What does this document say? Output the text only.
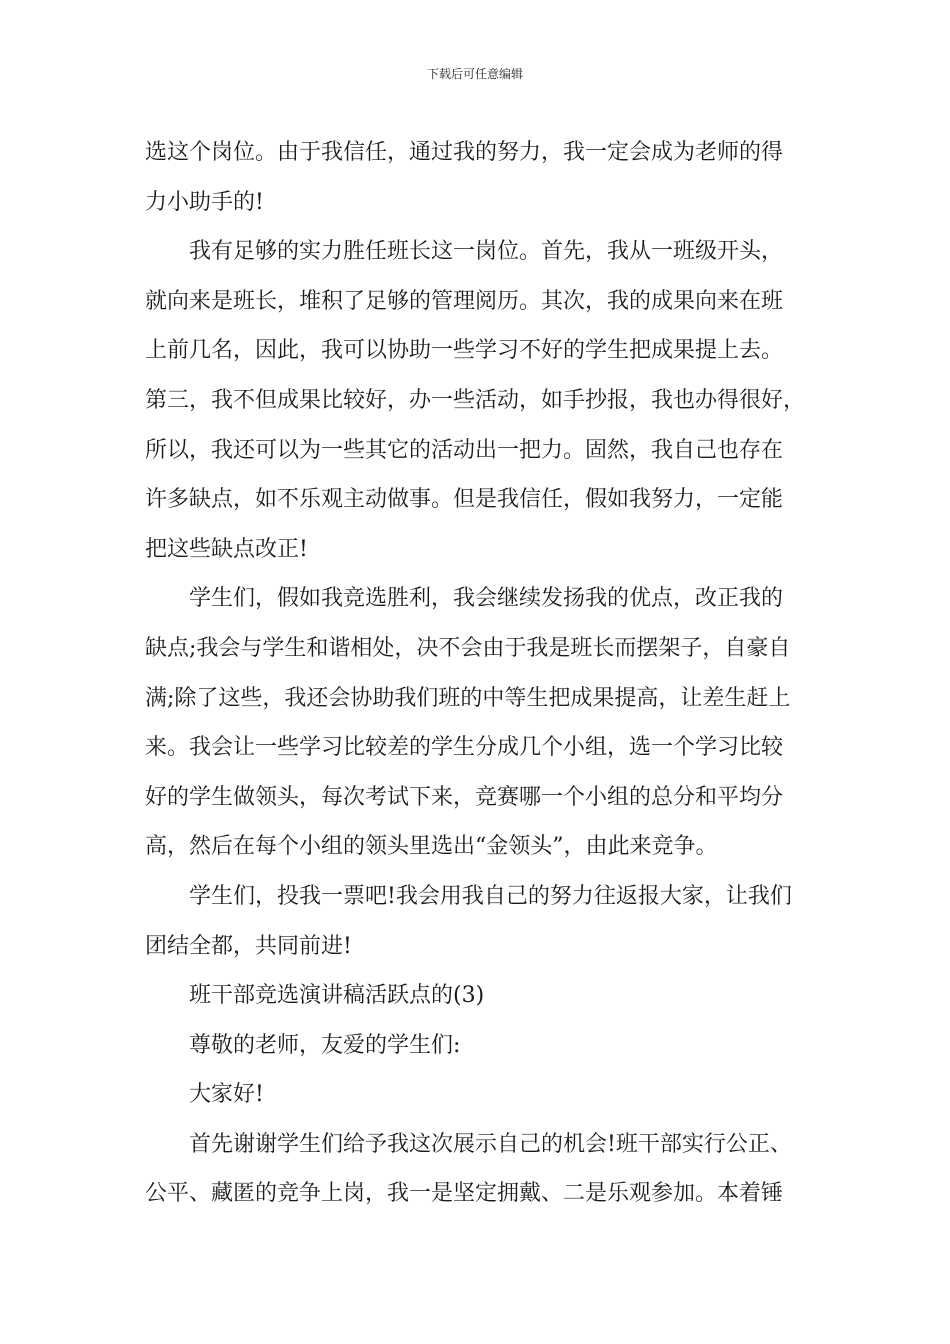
下载后可任意编辑
选这个岗位。由于我信任，通过我的努力，我一定会成为老师的得
力小助手的!
我有足够的实力胜任班长这一岗位。首先，我从一班级开头，
就向来是班长，堆积了足够的管理阅历。其次，我的成果向来在班
上前几名，因此，我可以协助一些学习不好的学生把成果提上去。
第三，我不但成果比较好，办一些活动，如手抄报，我也办得很好，
所以，我还可以为一些其它的活动出一把力。固然，我自己也存在
许多缺点，如不乐观主动做事。但是我信任，假如我努力，一定能
把这些缺点改正!
学生们，假如我竞选胜利，我会继续发扬我的优点，改正我的
缺点;我会与学生和谐相处，决不会由于我是班长而摆架子，自豪自
满;除了这些，我还会协助我们班的中等生把成果提高，让差生赶上
来。我会让一些学习比较差的学生分成几个小组，选一个学习比较
好的学生做领头，每次考试下来，竞赛哪一个小组的总分和平均分
高，然后在每个小组的领头里选出“金领头”，由此来竞争。
学生们，投我一票吧!我会用我自己的努力往返报大家，让我们
团结全都，共同前进!
班干部竞选演讲稿活跃点的(3)
尊敬的老师，友爱的学生们:
大家好!
首先谢谢学生们给予我这次展示自己的机会!班干部实行公正、
公平、藏匿的竞争上岗，我一是坚定拥戴、二是乐观参加。本着锤
